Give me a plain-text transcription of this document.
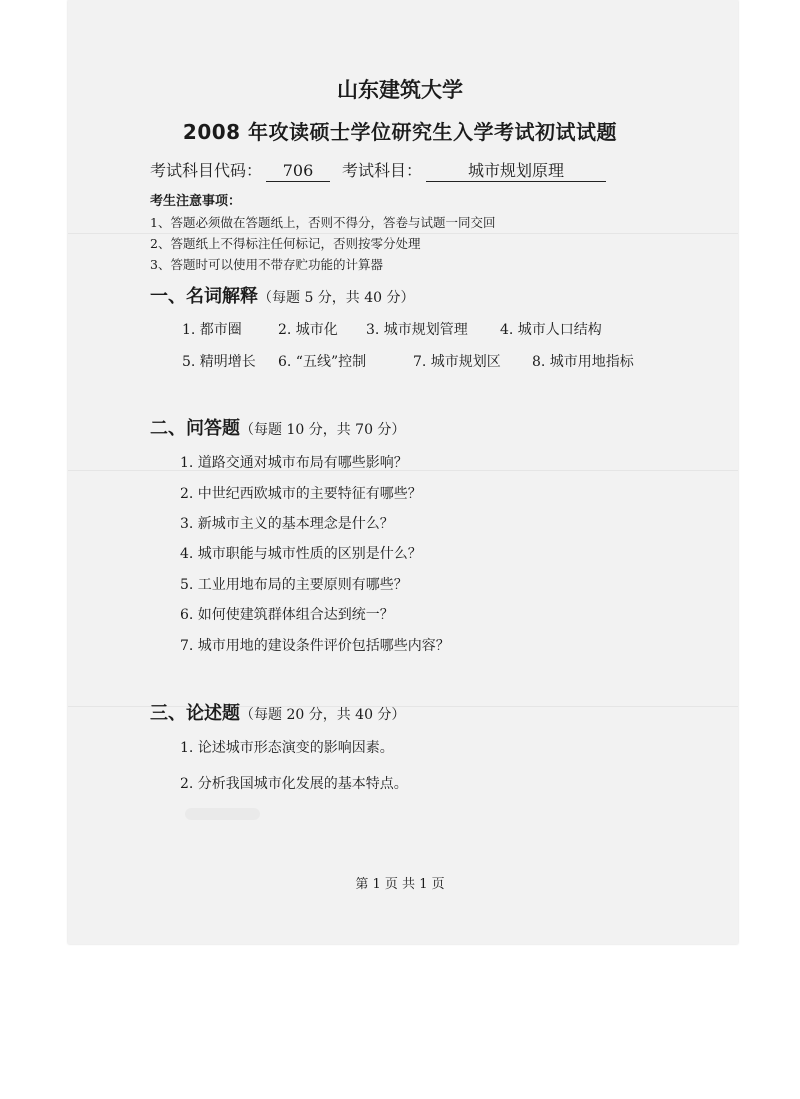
山东建筑大学
2008 年攻读硕士学位研究生入学考试初试试题
考试科目代码： 706 考试科目：	城市规划原理
考生注意事项：
1、答题必须做在答题纸上，否则不得分，答卷与试题一同交回
2、答题纸上不得标注任何标记，否则按零分处理
3、答题时可以使用不带存贮功能的计算器
一、名词解释（每题 5 分，共 40 分）
1. 都市圈	2. 城市化 3. 城市规划管理 4. 城市人口结构
5. 精明增长 6. “五线”控制	7. 城市规划区 8. 城市用地指标
二、问答题（每题 10 分，共 70 分）
1. 道路交通对城市布局有哪些影响？
2. 中世纪西欧城市的主要特征有哪些？
3. 新城市主义的基本理念是什么？
4. 城市职能与城市性质的区别是什么？
5. 工业用地布局的主要原则有哪些？
6. 如何使建筑群体组合达到统一？
7. 城市用地的建设条件评价包括哪些内容？
三、论述题（每题 20 分，共 40 分）
1. 论述城市形态演变的影响因素。
2. 分析我国城市化发展的基本特点。
第 1 页 共 1 页
